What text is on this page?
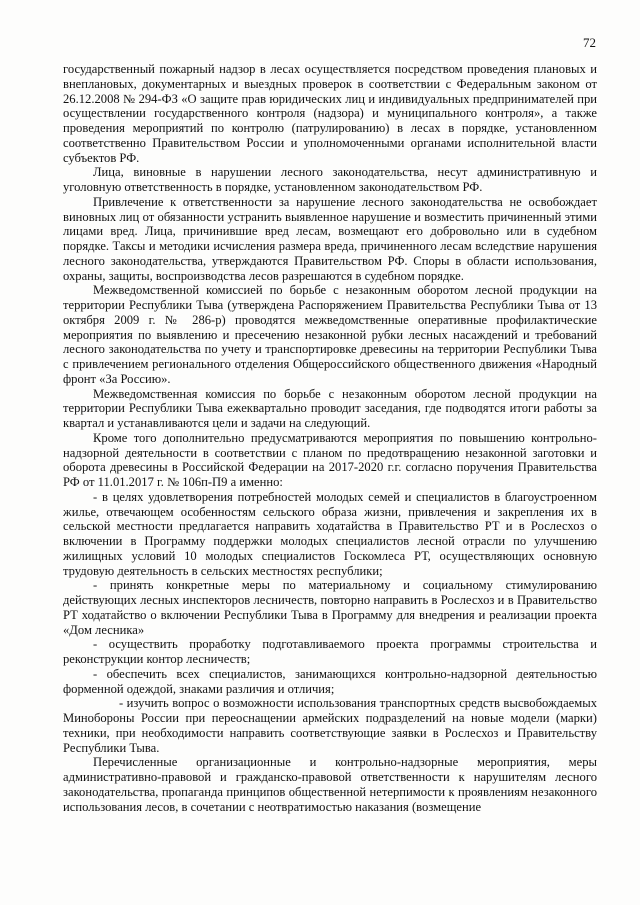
72

государственный пожарный надзор в лесах осуществляется посредством проведения плановых и внеплановых, документарных и выездных проверок в соответствии с Федеральным законом от 26.12.2008 № 294-ФЗ «О защите прав юридических лиц и индивидуальных предпринимателей при осуществлении государственного контроля (надзора) и муниципального контроля», а также проведения мероприятий по контролю (патрулированию) в лесах в порядке, установленном соответственно Правительством России и уполномоченными органами исполнительной власти субъектов РФ.

Лица, виновные в нарушении лесного законодательства, несут административную и уголовную ответственность в порядке, установленном законодательством РФ.

Привлечение к ответственности за нарушение лесного законодательства не освобождает виновных лиц от обязанности устранить выявленное нарушение и возместить причиненный этими лицами вред. Лица, причинившие вред лесам, возмещают его добровольно или в судебном порядке. Таксы и методики исчисления размера вреда, причиненного лесам вследствие нарушения лесного законодательства, утверждаются Правительством РФ. Споры в области использования, охраны, защиты, воспроизводства лесов разрешаются в судебном порядке.

Межведомственной комиссией по борьбе с незаконным оборотом лесной продукции на территории Республики Тыва (утверждена Распоряжением Правительства Республики Тыва от 13 октября 2009 г. № 286-р) проводятся межведомственные оперативные профилактические мероприятия по выявлению и пресечению незаконной рубки лесных насаждений и требований лесного законодательства по учету и транспортировке древесины на территории Республики Тыва с привлечением регионального отделения Общероссийского общественного движения «Народный фронт «За Россию».

Межведомственная комиссия по борьбе с незаконным оборотом лесной продукции на территории Республики Тыва ежеквартально проводит заседания, где подводятся итоги работы за квартал и устанавливаются цели и задачи на следующий.

Кроме того дополнительно предусматриваются мероприятия по повышению контрольно-надзорной деятельности в соответствии с планом по предотвращению незаконной заготовки и оборота древесины в Российской Федерации на 2017-2020 г.г. согласно поручения Правительства РФ от 11.01.2017 г. № 106п-П9 а именно:

- в целях удовлетворения потребностей молодых семей и специалистов в благоустроенном жилье, отвечающем особенностям сельского образа жизни, привлечения и закрепления их в сельской местности предлагается направить ходатайства в Правительство РТ и в Рослесхоз о включении в Программу поддержки молодых специалистов лесной отрасли по улучшению жилищных условий 10 молодых специалистов Госкомлеса РТ, осуществляющих основную трудовую деятельность в сельских местностях республики;

- принять конкретные меры по материальному и социальному стимулированию действующих лесных инспекторов лесничеств, повторно направить в Рослесхоз и в Правительство РТ ходатайство о включении Республики Тыва в Программу для внедрения и реализации проекта «Дом лесника»

- осуществить проработку подготавливаемого проекта программы строительства и реконструкции контор лесничеств;

- обеспечить всех специалистов, занимающихся контрольно-надзорной деятельностью форменной одеждой, знаками различия и отличия;

- изучить вопрос о возможности использования транспортных средств высвобождаемых Минобороны России при переоснащении армейских подразделений на новые модели (марки) техники, при необходимости направить соответствующие заявки в Рослесхоз и Правительству Республики Тыва.

Перечисленные организационные и контрольно-надзорные мероприятия, меры административно-правовой и гражданско-правовой ответственности к нарушителям лесного законодательства, пропаганда принципов общественной нетерпимости к проявлениям незаконного использования лесов, в сочетании с неотвратимостью наказания (возмещение
